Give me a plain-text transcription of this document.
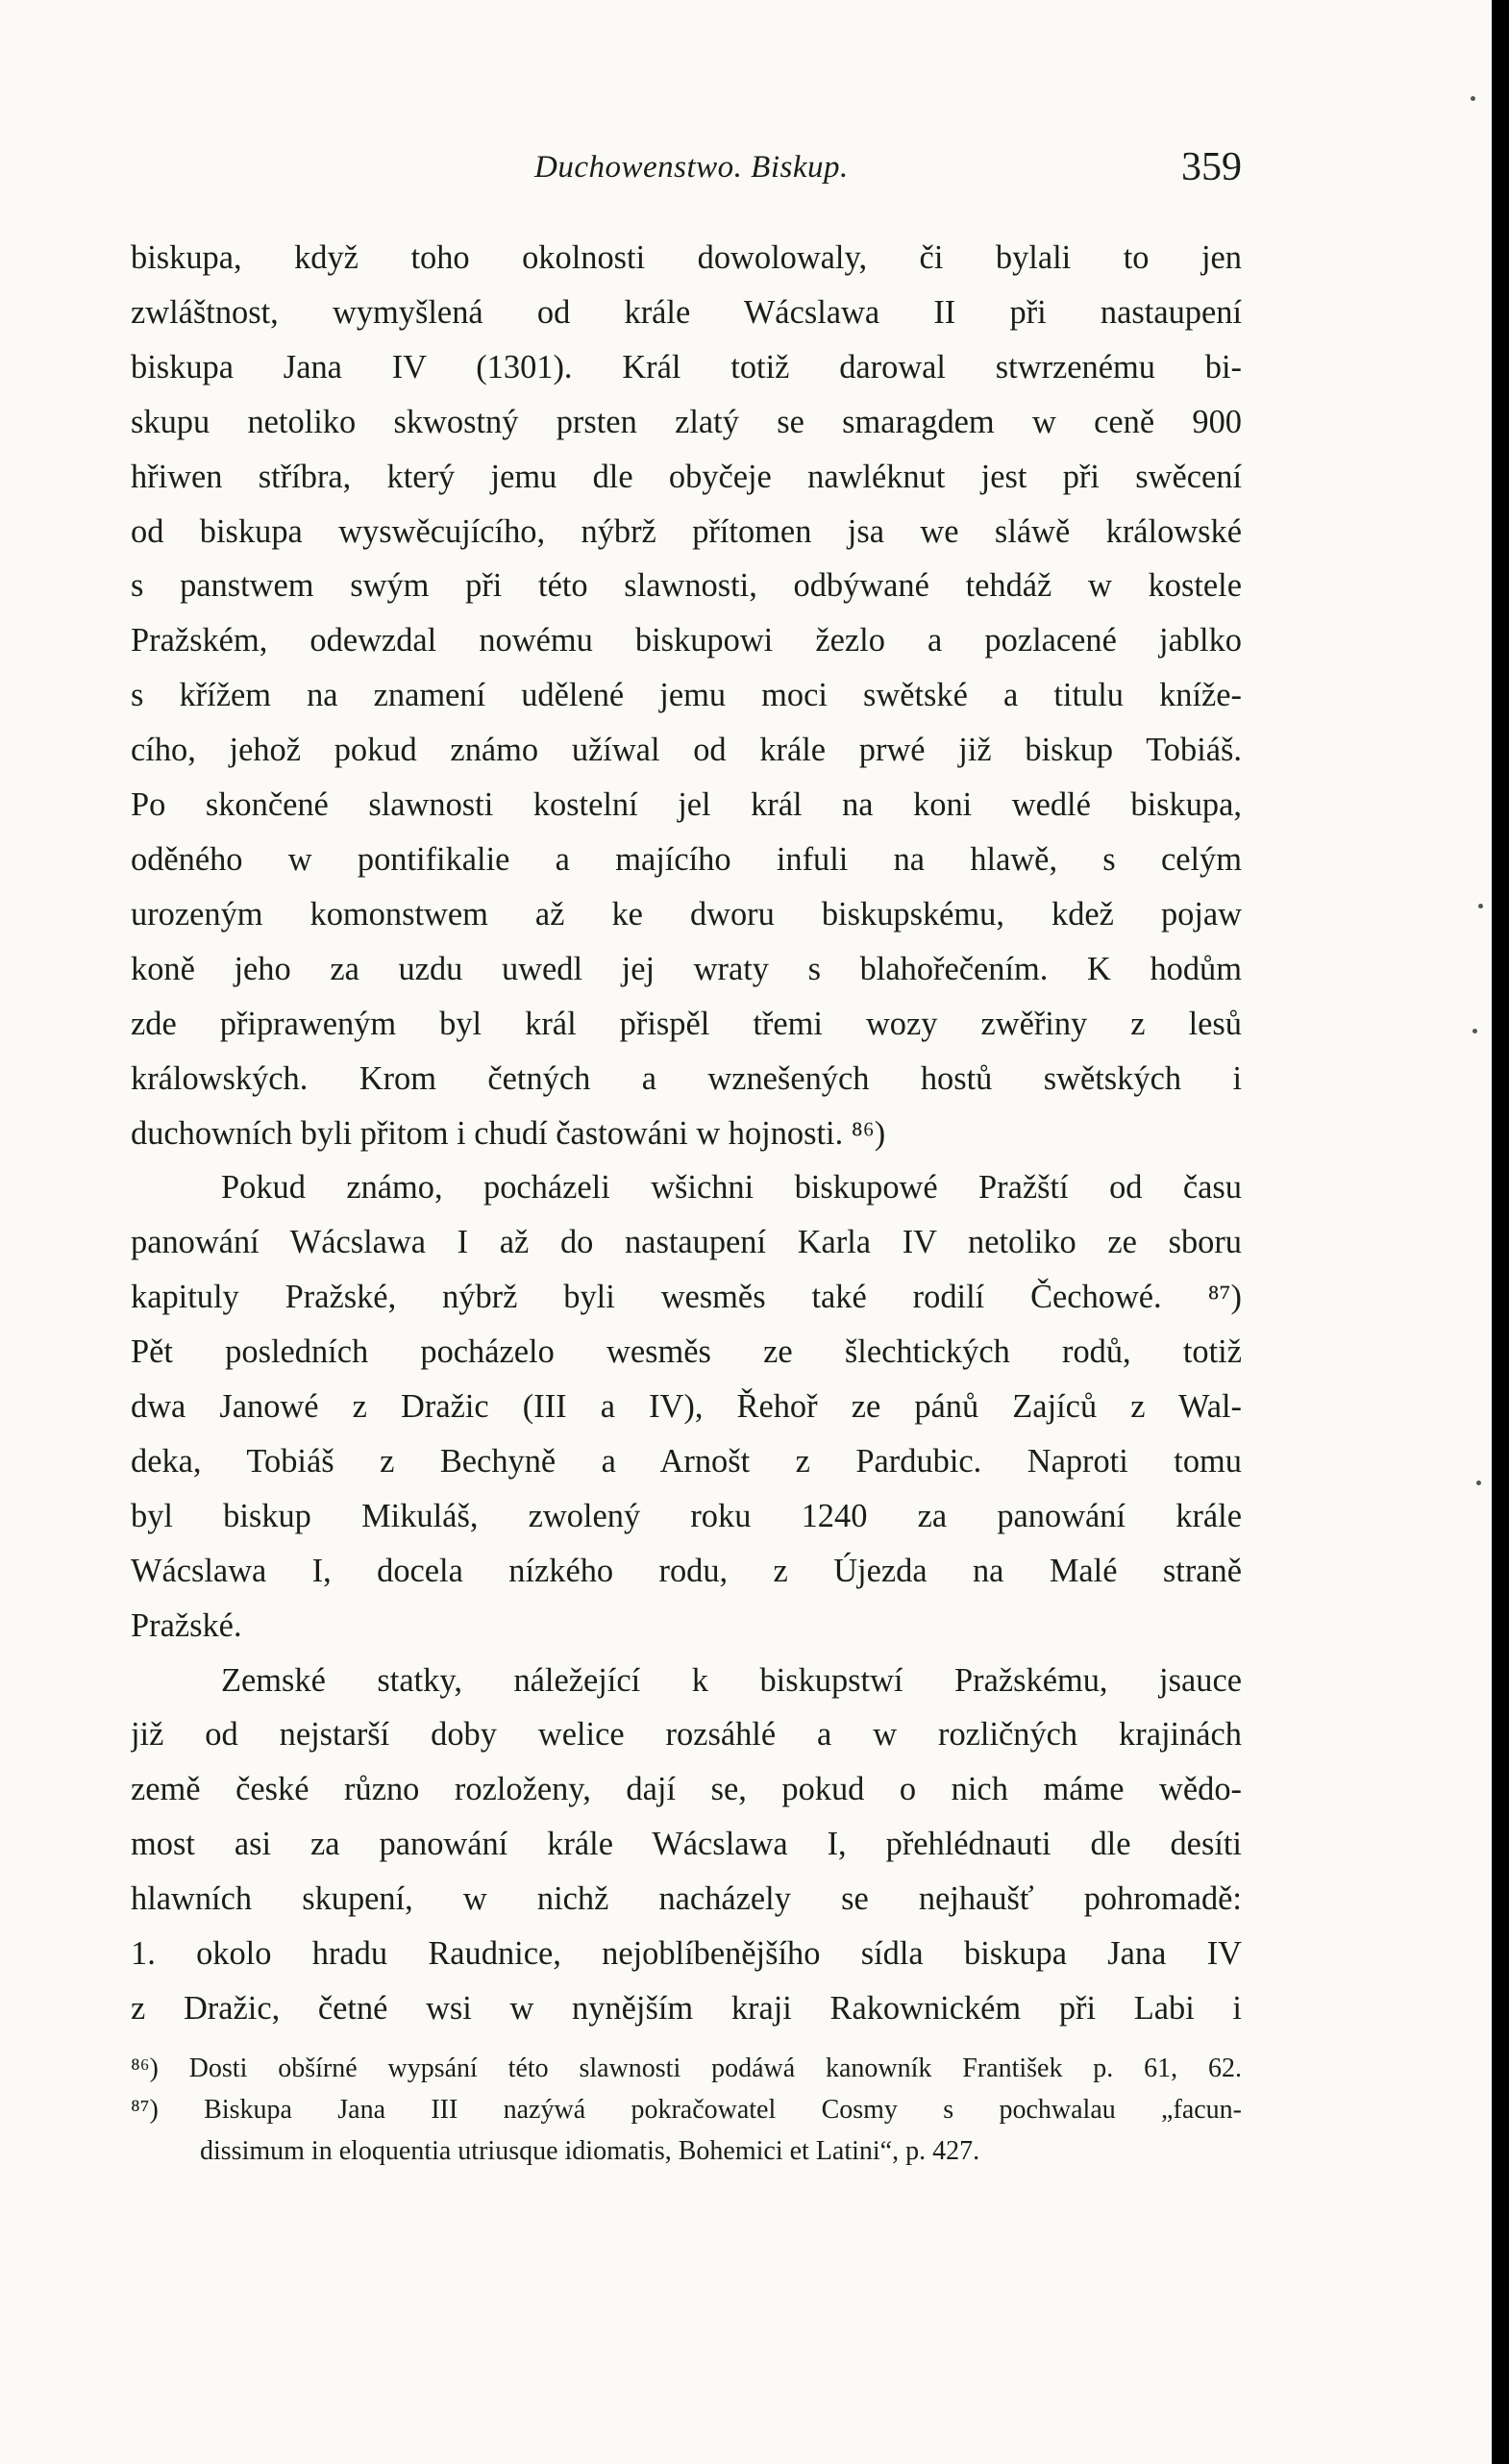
Duchowenstwo. Biskup.	359
biskupa, když toho okolnosti dowolowaly, či bylali to jen
zwláštnost, wymyšlená od krále Wácslawa II při nastaupení
biskupa Jana IV (1301). Král totiž darowal stwrzenému bi-
skupu netoliko skwostný prsten zlatý se smaragdem w ceně 900
hřiwen stříbra, který jemu dle obyčeje nawléknut jest při swěcení
od biskupa wyswěcujícího, nýbrž přítomen jsa we sláwě králowské
s panstwem swým při této slawnosti, odbýwané tehdáž w kostele
Pražském, odewzdal nowému biskupowi žezlo a pozlacené jablko
s křížem na znamení udělené jemu moci swětské a titulu kníže-
cího, jehož pokud známo užíwal od krále prwé již biskup Tobiáš.
Po skončené slawnosti kostelní jel král na koni wedlé biskupa,
oděného w pontifikalie a majícího infuli na hlawě, s celým
urozeným komonstwem až ke dworu biskupskému, kdež pojaw
koně jeho za uzdu uwedl jej wraty s blahořečením. K hodům
zde připraweným byl král přispěl třemi wozy zwěřiny z lesů
králowských. Krom četných a wznešených hostů swětských i
duchowních byli přitom i chudí častowáni w hojnosti. ⁸⁶)
Pokud známo, pocházeli wšichni biskupowé Pražští od času
panowání Wácslawa I až do nastaupení Karla IV netoliko ze sboru
kapituly Pražské, nýbrž byli wesměs také rodilí Čechowé. ⁸⁷)
Pět posledních pocházelo wesměs ze šlechtických rodů, totiž
dwa Janowé z Dražic (III a IV), Řehoř ze pánů Zajíců z Wal-
deka, Tobiáš z Bechyně a Arnošt z Pardubic. Naproti tomu
byl biskup Mikuláš, zwolený roku 1240 za panowání krále
Wácslawa I, docela nízkého rodu, z Újezda na Malé straně
Pražské.
Zemské statky, náležející k biskupstwí Pražskému, jsauce
již od nejstarší doby welice rozsáhlé a w rozličných krajinách
země české různo rozloženy, dají se, pokud o nich máme wědo-
most asi za panowání krále Wácslawa I, přehlédnauti dle desíti
hlawních skupení, w nichž nacházely se nejhaušť pohromadě:
1. okolo hradu Raudnice, nejoblíbenějšího sídla biskupa Jana IV
z Dražic, četné wsi w nynějším kraji Rakownickém při Labi i
⁸⁶) Dosti obšírné wypsání této slawnosti podáwá kanowník František p. 61, 62.
⁸⁷) Biskupa Jana III nazýwá pokračowatel Cosmy s pochwalau „facun-
dissimum in eloquentia utriusque idiomatis, Bohemici et Latini“, p. 427.
